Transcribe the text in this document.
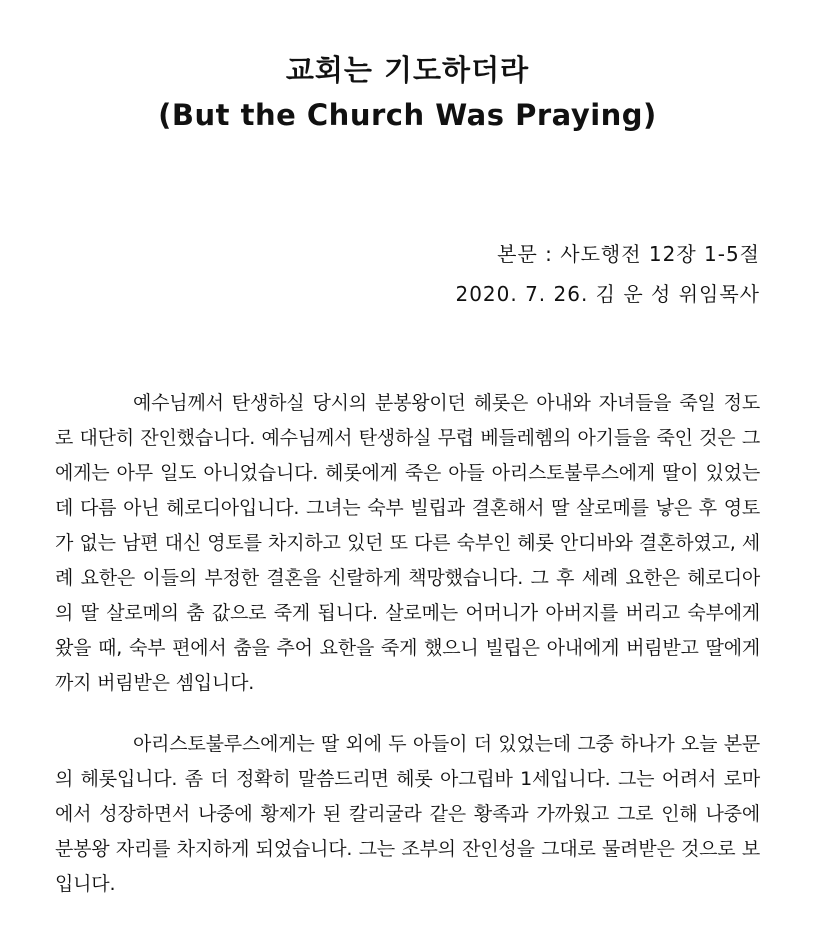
교회는 기도하더라
(But the Church Was Praying)
본문 : 사도행전 12장 1-5절
2020. 7. 26. 김 운 성 위임목사

예수님께서 탄생하실 당시의 분봉왕이던 헤롯은 아내와 자녀들을 죽일 정도로 대단히 잔인했습니다. 예수님께서 탄생하실 무렵 베들레헴의 아기들을 죽인 것은 그에게는 아무 일도 아니었습니다. 헤롯에게 죽은 아들 아리스토불루스에게 딸이 있었는데 다름 아닌 헤로디아입니다. 그녀는 숙부 빌립과 결혼해서 딸 살로메를 낳은 후 영토가 없는 남편 대신 영토를 차지하고 있던 또 다른 숙부인 헤롯 안디바와 결혼하였고, 세례 요한은 이들의 부정한 결혼을 신랄하게 책망했습니다. 그 후 세례 요한은 헤로디아의 딸 살로메의 춤 값으로 죽게 됩니다. 살로메는 어머니가 아버지를 버리고 숙부에게 왔을 때, 숙부 편에서 춤을 추어 요한을 죽게 했으니 빌립은 아내에게 버림받고 딸에게까지 버림받은 셈입니다.

아리스토불루스에게는 딸 외에 두 아들이 더 있었는데 그중 하나가 오늘 본문의 헤롯입니다. 좀 더 정확히 말씀드리면 헤롯 아그립바 1세입니다. 그는 어려서 로마에서 성장하면서 나중에 황제가 된 칼리굴라 같은 황족과 가까웠고 그로 인해 나중에 분봉왕 자리를 차지하게 되었습니다. 그는 조부의 잔인성을 그대로 물려받은 것으로 보입니다.
